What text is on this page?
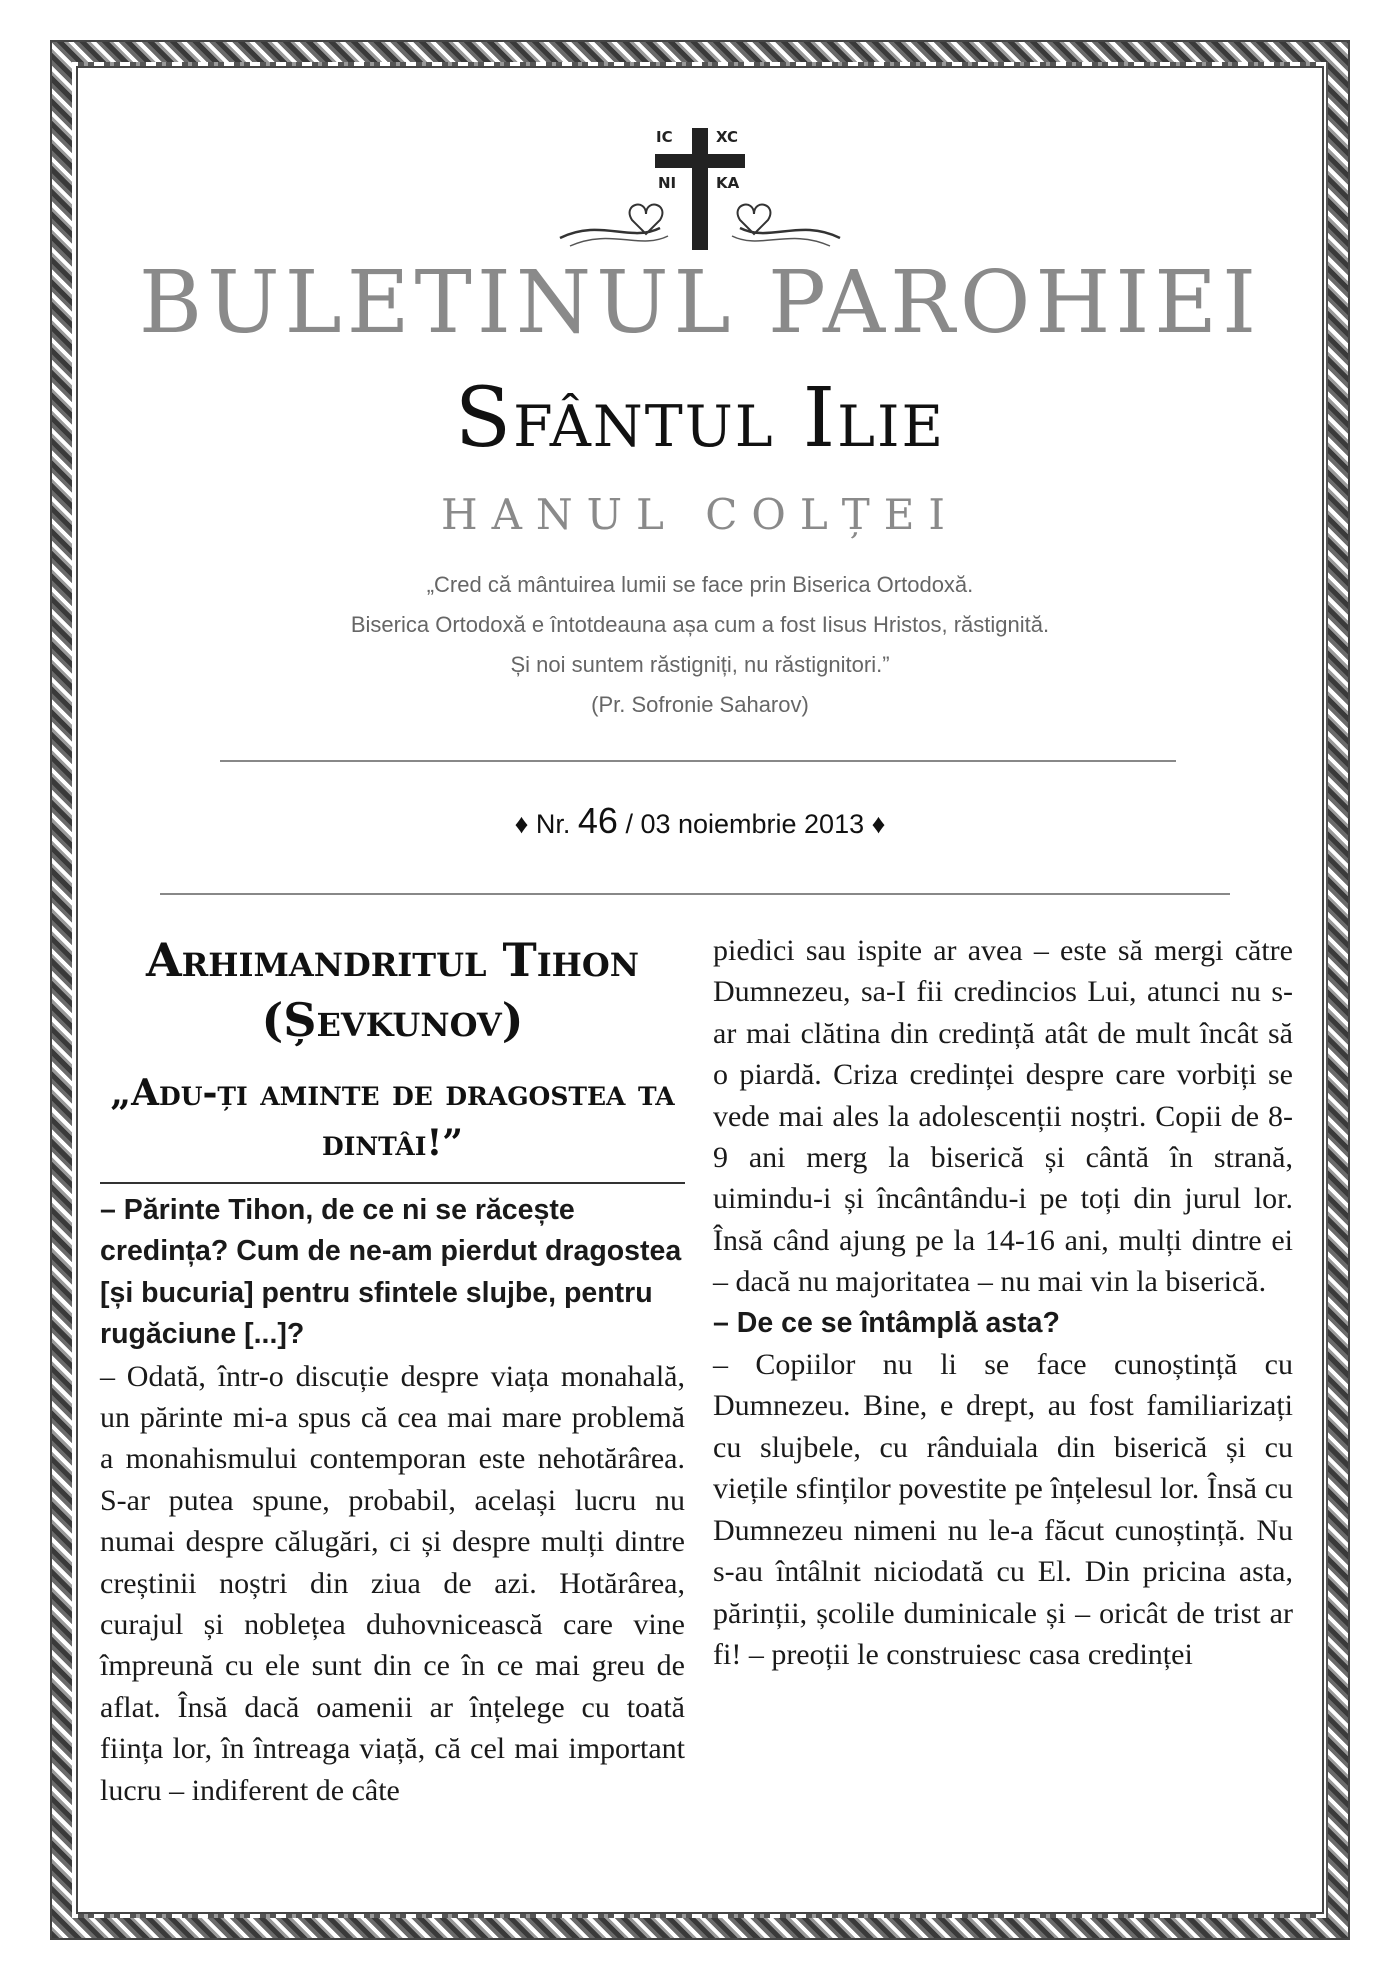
IC	XC
NI	KA
BULETINUL PAROHIEI
Sfântul Ilie
HANUL COLȚEI
„Cred că mântuirea lumii se face prin Biserica Ortodoxă.
Biserica Ortodoxă e întotdeauna așa cum a fost Iisus Hristos, răstignită.
Și noi suntem răstigniți, nu răstignitori.”
(Pr. Sofronie Saharov)
♦ Nr. 46 / 03 noiembrie 2013 ♦
Arhimandritul Tihon (Șevkunov)
„Adu-ți aminte de dragostea ta dintâi!”

– Părinte Tihon, de ce ni se răcește credința? Cum de ne-am pierdut dragostea [și bucuria] pentru sfintele slujbe, pentru rugăciune [...]?

– Odată, într-o discuție despre viața monahală, un părinte mi-a spus că cea mai mare problemă a monahismului contemporan este nehotărârea. S-ar putea spune, probabil, același lucru nu numai despre călugări, ci și despre mulți dintre creștinii noștri din ziua de azi. Hotărârea, curajul și noblețea duhovnicească care vine împreună cu ele sunt din ce în ce mai greu de aflat. Însă dacă oamenii ar înțelege cu toată ființa lor, în întreaga viață, că cel mai important lucru – indiferent de câte

piedici sau ispite ar avea – este să mergi către Dumnezeu, sa-I fii credincios Lui, atunci nu s-ar mai clătina din credință atât de mult încât să o piardă. Criza credinței despre care vorbiți se vede mai ales la adolescenții noștri. Copii de 8-9 ani merg la biserică și cântă în strană, uimindu-i și încântându-i pe toți din jurul lor. Însă când ajung pe la 14-16 ani, mulți dintre ei – dacă nu majoritatea – nu mai vin la biserică.

– De ce se întâmplă asta?

– Copiilor nu li se face cunoștință cu Dumnezeu. Bine, e drept, au fost familiarizați cu slujbele, cu rânduiala din biserică și cu viețile sfinților povestite pe înțelesul lor. Însă cu Dumnezeu nimeni nu le-a făcut cunoștință. Nu s-au întâlnit niciodată cu El. Din pricina asta, părinții, școlile duminicale și – oricât de trist ar fi! – preoții le construiesc casa credinței
